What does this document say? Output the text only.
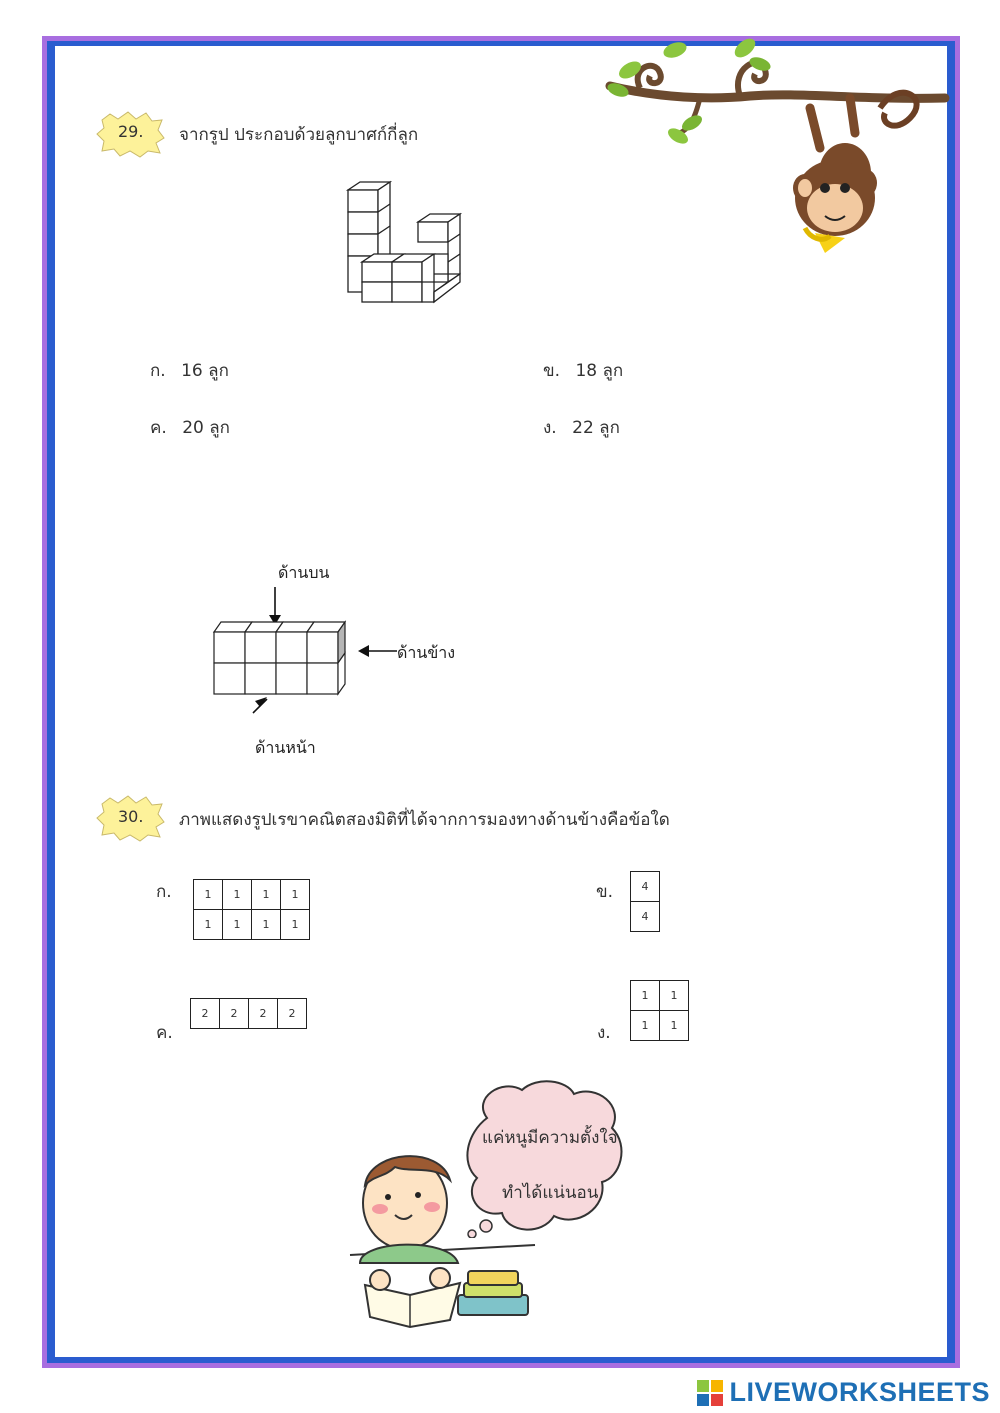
29. จากรูป ประกอบด้วยลูกบาศก์กี่ลูก
ก. 16 ลูก	ข. 18 ลูก
ค. 20 ลูก	ง. 22 ลูก
ด้านบน
ด้านข้าง
ด้านหน้า
30. ภาพแสดงรูปเรขาคณิตสองมิติที่ได้จากการมองทางด้านข้างคือข้อใด
ก.	1	1	1	1
1	1	1	1
ข.	4
4
ค.
2	2	2	2
ง.
1	1
1	1
แค่หนูมีความตั้งใจ
ทำได้แน่นอน
LIVEWORKSHEETS
